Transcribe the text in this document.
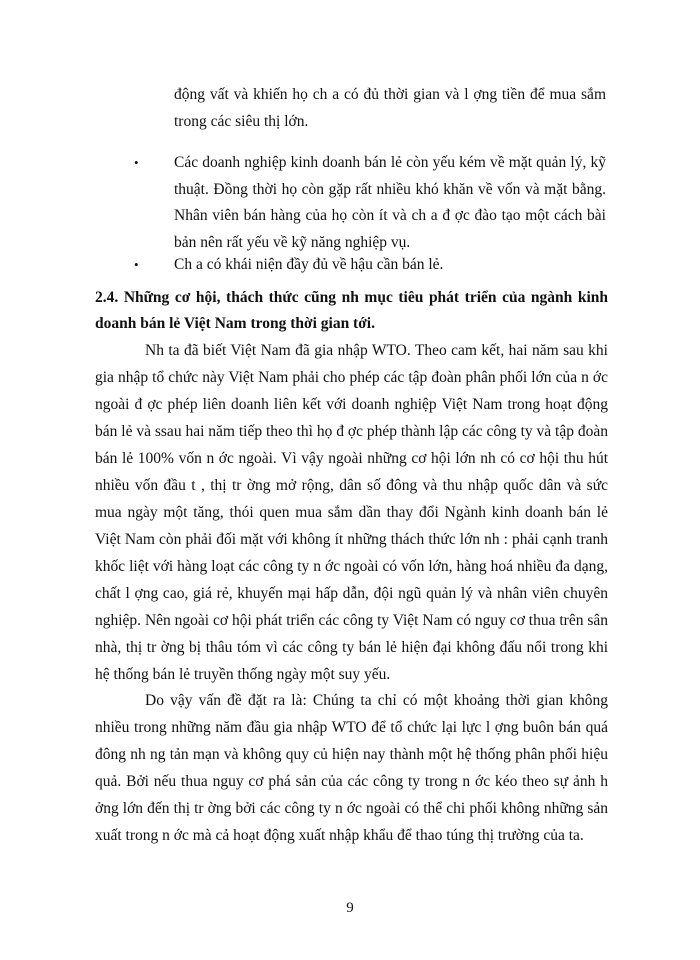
động vất và khiến họ ch a có đủ thời gian và l ợng tiền để mua sắm trong các siêu thị lớn.
• Các doanh nghiệp kinh doanh bán lẻ còn yếu kém về mặt quản lý, kỹ thuật. Đồng thời họ còn gặp rất nhiều khó khăn về vốn và mặt bằng. Nhân viên bán hàng của họ còn ít và ch a đ ợc đào tạo một cách bài bản nên rất yếu về kỹ năng nghiệp vụ.
• Ch a có khái niện đầy đủ về hậu cần bán lẻ.
2.4. Những cơ hội, thách thức cũng nh mục tiêu phát triển của ngành kinh doanh bán lẻ Việt Nam trong thời gian tới.
Nh ta đã biết Việt Nam đã gia nhập WTO. Theo cam kết, hai năm sau khi gia nhập tổ chức này Việt Nam phải cho phép các tập đoàn phân phối lớn của n ớc ngoài đ ợc phép liên doanh liên kết với doanh nghiệp Việt Nam trong hoạt động bán lẻ và ssau hai năm tiếp theo thì họ đ ợc phép thành lập các công ty và tập đoàn bán lẻ 100% vốn n ớc ngoài. Vì vậy ngoài những cơ hội lớn nh có cơ hội thu hút nhiều vốn đầu t , thị tr ờng mở rộng, dân số đông và thu nhập quốc dân và sức mua ngày một tăng, thói quen mua sắm dần thay đổi Ngành kinh doanh bán lẻ Việt Nam còn phải đối mặt với không ít những thách thức lớn nh : phải cạnh tranh khốc liệt với hàng loạt các công ty n ớc ngoài có vốn lớn, hàng hoá nhiều đa dạng, chất l ợng cao, giá rẻ, khuyến mại hấp dẫn, đội ngũ quản lý và nhân viên chuyên nghiệp. Nên ngoài cơ hội phát triển các công ty Việt Nam có nguy cơ thua trên sân nhà, thị tr ờng bị thâu tóm vì các công ty bán lẻ hiện đại không đấu nổi trong khi hệ thống bán lẻ truyền thống ngày một suy yếu.
Do vậy vấn đề đặt ra là: Chúng ta chỉ có một khoảng thời gian không nhiều trong những năm đầu gia nhập WTO để tổ chức lại lực l ợng buôn bán quá đông nh ng tản mạn và không quy củ hiện nay thành một hệ thống phân phối hiệu quả. Bởi nếu thua nguy cơ phá sản của các công ty trong n ớc kéo theo sự ảnh h ởng lớn đến thị tr ờng bởi các công ty n ớc ngoài có thể chi phối không những sản xuất trong n ớc mà cả hoạt động xuất nhập khẩu để thao túng thị trường của ta.
9
